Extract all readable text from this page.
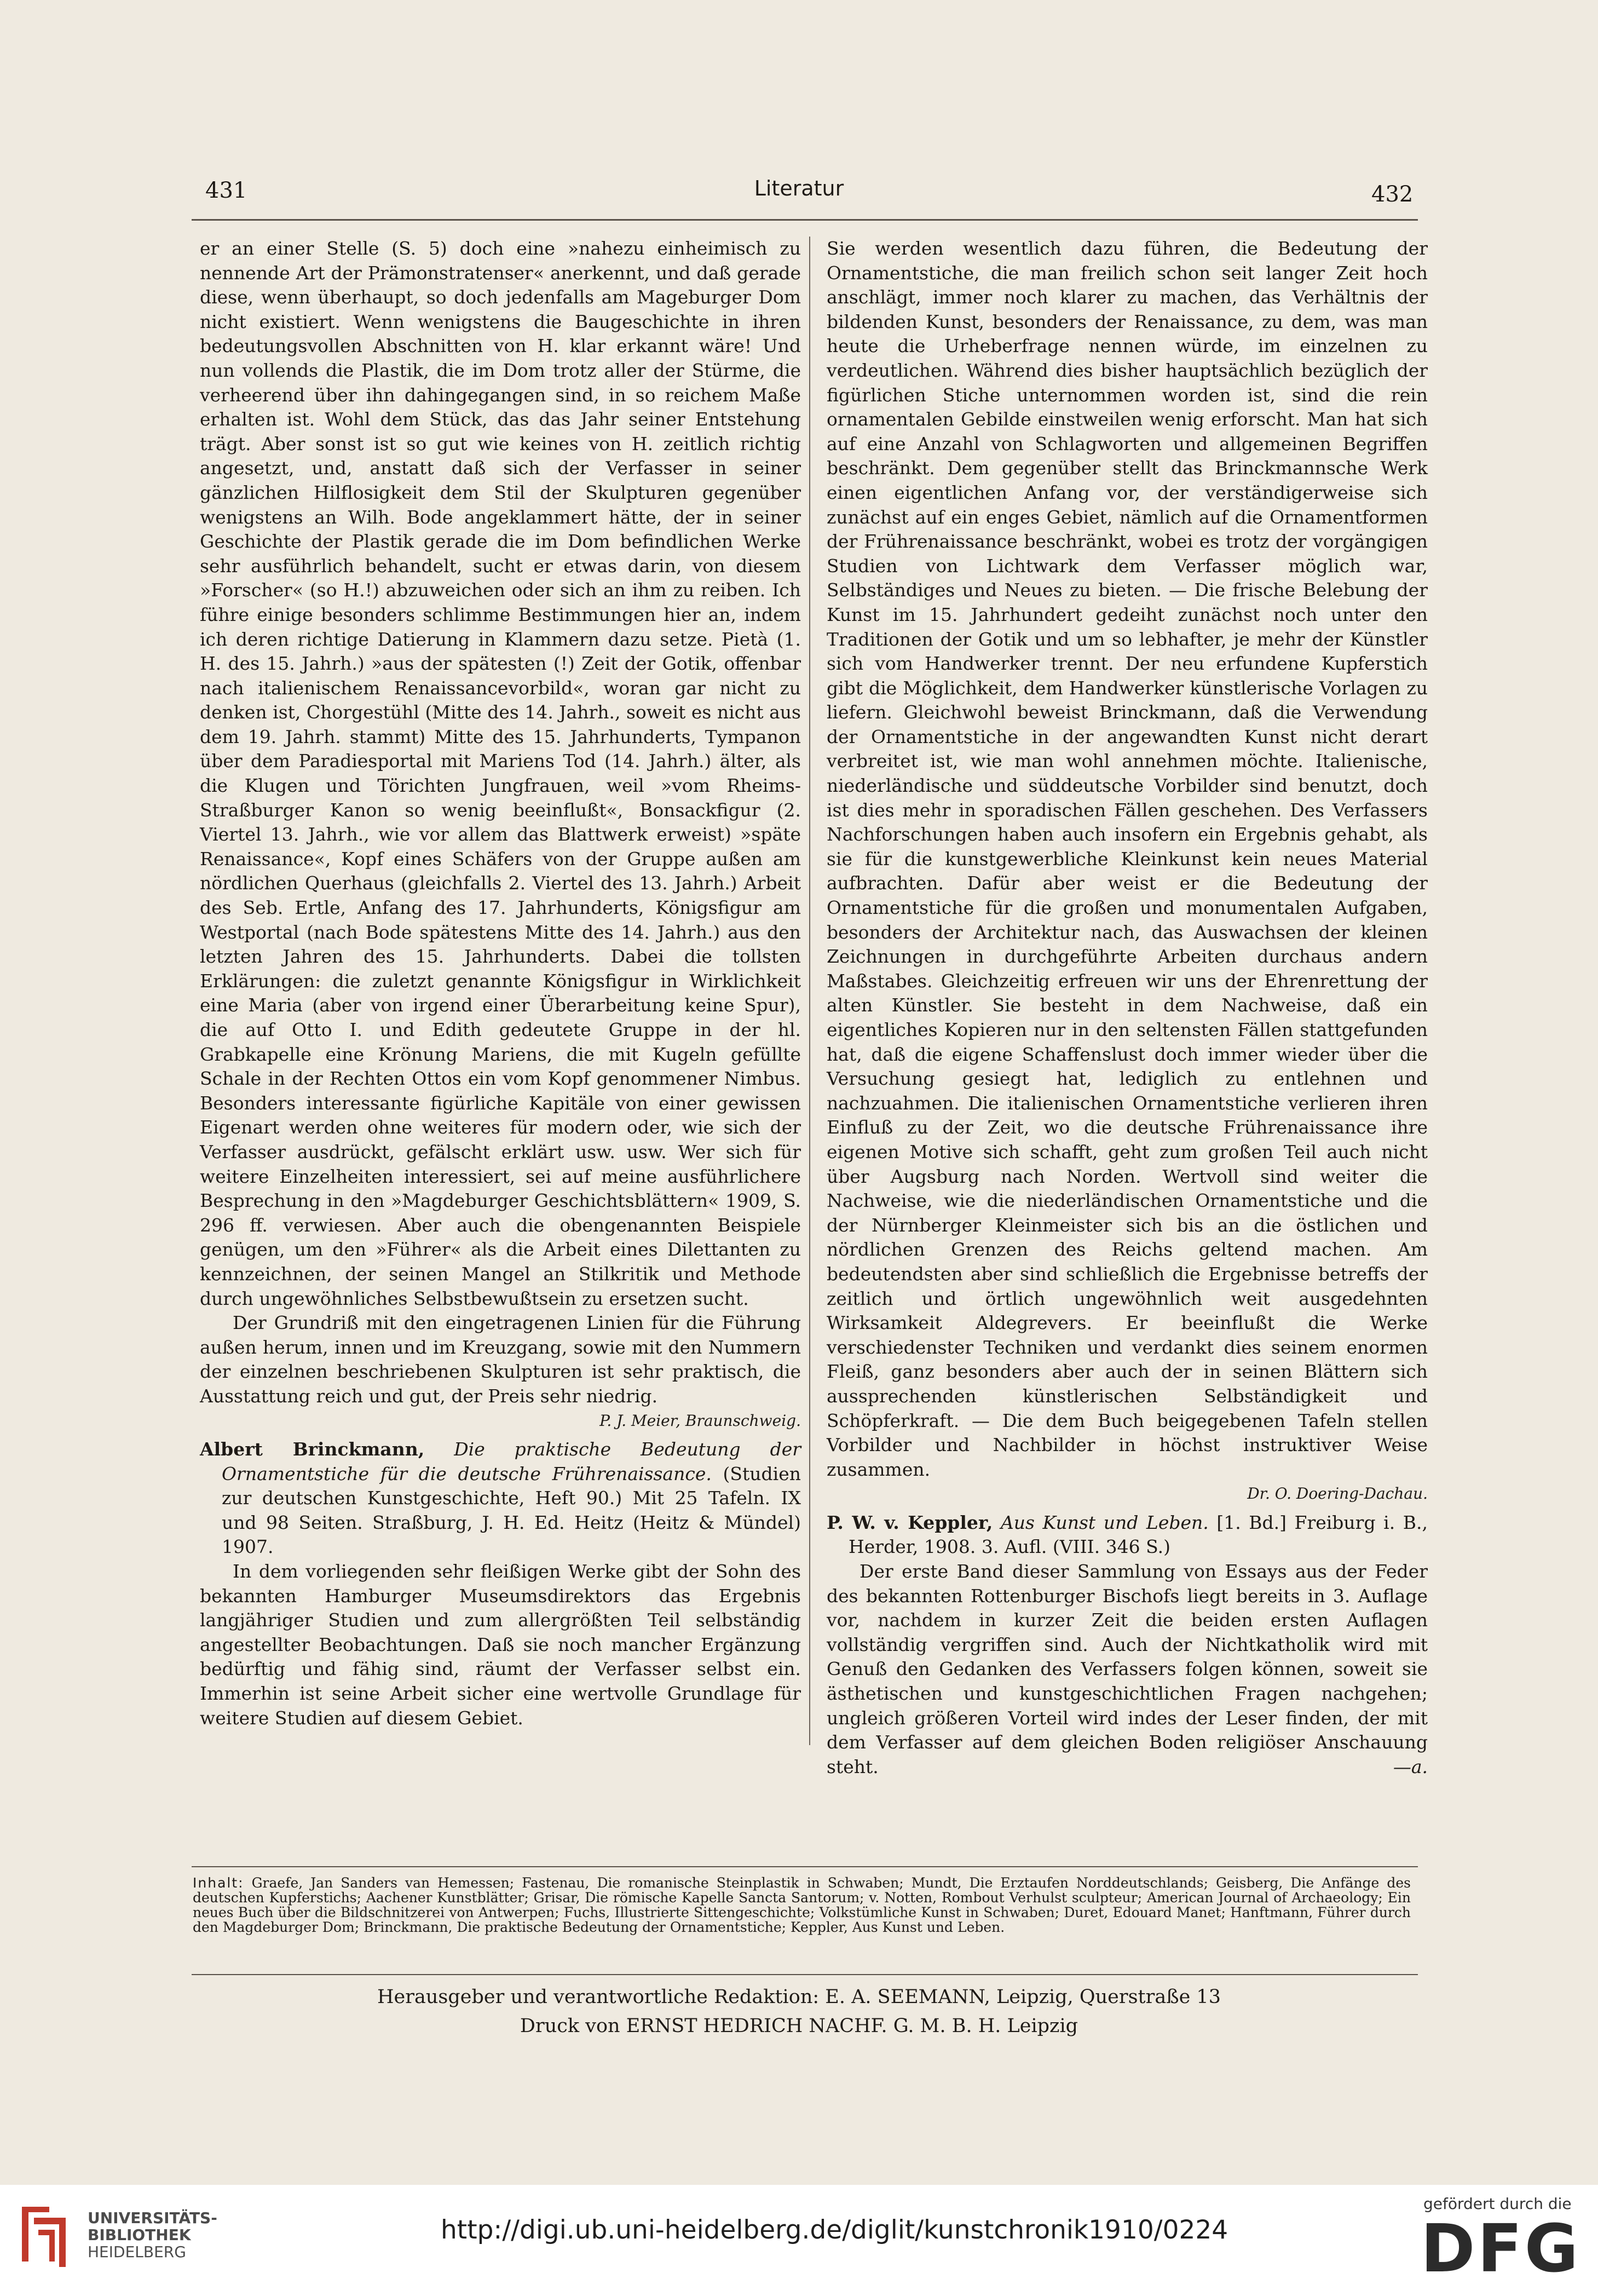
431	Literatur	432

er an einer Stelle (S. 5) doch eine »nahezu einheimisch zu nennende Art der Prämonstratenser« anerkennt, und daß gerade diese, wenn überhaupt, so doch jedenfalls am Mageburger Dom nicht existiert. Wenn wenigstens die Baugeschichte in ihren bedeutungsvollen Abschnitten von H. klar erkannt wäre! Und nun vollends die Plastik, die im Dom trotz aller der Stürme, die verheerend über ihn dahingegangen sind, in so reichem Maße erhalten ist. Wohl dem Stück, das das Jahr seiner Entstehung trägt. Aber sonst ist so gut wie keines von H. zeitlich richtig angesetzt, und, anstatt daß sich der Verfasser in seiner gänzlichen Hilflosigkeit dem Stil der Skulpturen gegenüber wenigstens an Wilh. Bode angeklammert hätte, der in seiner Geschichte der Plastik gerade die im Dom befindlichen Werke sehr ausführlich behandelt, sucht er etwas darin, von diesem »Forscher« (so H.!) abzuweichen oder sich an ihm zu reiben. Ich führe einige besonders schlimme Bestimmungen hier an, indem ich deren richtige Datierung in Klammern dazu setze. Pietà (1. H. des 15. Jahrh.) »aus der spätesten (!) Zeit der Gotik, offenbar nach italienischem Renaissancevorbild«, woran gar nicht zu denken ist, Chorgestühl (Mitte des 14. Jahrh., soweit es nicht aus dem 19. Jahrh. stammt) Mitte des 15. Jahrhunderts, Tympanon über dem Paradiesportal mit Mariens Tod (14. Jahrh.) älter, als die Klugen und Törichten Jungfrauen, weil »vom Rheims-Straßburger Kanon so wenig beeinflußt«, Bonsackfigur (2. Viertel 13. Jahrh., wie vor allem das Blattwerk erweist) »späte Renaissance«, Kopf eines Schäfers von der Gruppe außen am nördlichen Querhaus (gleichfalls 2. Viertel des 13. Jahrh.) Arbeit des Seb. Ertle, Anfang des 17. Jahrhunderts, Königsfigur am Westportal (nach Bode spätestens Mitte des 14. Jahrh.) aus den letzten Jahren des 15. Jahrhunderts. Dabei die tollsten Erklärungen: die zuletzt genannte Königsfigur in Wirklichkeit eine Maria (aber von irgend einer Überarbeitung keine Spur), die auf Otto I. und Edith gedeutete Gruppe in der hl. Grabkapelle eine Krönung Mariens, die mit Kugeln gefüllte Schale in der Rechten Ottos ein vom Kopf genommener Nimbus. Besonders interessante figürliche Kapitäle von einer gewissen Eigenart werden ohne weiteres für modern oder, wie sich der Verfasser ausdrückt, gefälscht erklärt usw. usw. Wer sich für weitere Einzelheiten interessiert, sei auf meine ausführlichere Besprechung in den »Magdeburger Geschichtsblättern« 1909, S. 296 ff. verwiesen. Aber auch die obengenannten Beispiele genügen, um den »Führer« als die Arbeit eines Dilettanten zu kennzeichnen, der seinen Mangel an Stilkritik und Methode durch ungewöhnliches Selbstbewußtsein zu ersetzen sucht.

Der Grundriß mit den eingetragenen Linien für die Führung außen herum, innen und im Kreuzgang, sowie mit den Nummern der einzelnen beschriebenen Skulpturen ist sehr praktisch, die Ausstattung reich und gut, der Preis sehr niedrig.

P. J. Meier, Braunschweig.

Albert Brinckmann, Die praktische Bedeutung der Ornamentstiche für die deutsche Frührenaissance. (Studien zur deutschen Kunstgeschichte, Heft 90.) Mit 25 Tafeln. IX und 98 Seiten. Straßburg, J. H. Ed. Heitz (Heitz & Mündel) 1907.

In dem vorliegenden sehr fleißigen Werke gibt der Sohn des bekannten Hamburger Museumsdirektors das Ergebnis langjähriger Studien und zum allergrößten Teil selbständig angestellter Beobachtungen. Daß sie noch mancher Ergänzung bedürftig und fähig sind, räumt der Verfasser selbst ein. Immerhin ist seine Arbeit sicher eine wertvolle Grundlage für weitere Studien auf diesem Gebiet.

Sie werden wesentlich dazu führen, die Bedeutung der Ornamentstiche, die man freilich schon seit langer Zeit hoch anschlägt, immer noch klarer zu machen, das Verhältnis der bildenden Kunst, besonders der Renaissance, zu dem, was man heute die Urheberfrage nennen würde, im einzelnen zu verdeutlichen. Während dies bisher hauptsächlich bezüglich der figürlichen Stiche unternommen worden ist, sind die rein ornamentalen Gebilde einstweilen wenig erforscht. Man hat sich auf eine Anzahl von Schlagworten und allgemeinen Begriffen beschränkt. Dem gegenüber stellt das Brinckmannsche Werk einen eigentlichen Anfang vor, der verständigerweise sich zunächst auf ein enges Gebiet, nämlich auf die Ornamentformen der Frührenaissance beschränkt, wobei es trotz der vorgängigen Studien von Lichtwark dem Verfasser möglich war, Selbständiges und Neues zu bieten. — Die frische Belebung der Kunst im 15. Jahrhundert gedeiht zunächst noch unter den Traditionen der Gotik und um so lebhafter, je mehr der Künstler sich vom Handwerker trennt. Der neu erfundene Kupferstich gibt die Möglichkeit, dem Handwerker künstlerische Vorlagen zu liefern. Gleichwohl beweist Brinckmann, daß die Verwendung der Ornamentstiche in der angewandten Kunst nicht derart verbreitet ist, wie man wohl annehmen möchte. Italienische, niederländische und süddeutsche Vorbilder sind benutzt, doch ist dies mehr in sporadischen Fällen geschehen. Des Verfassers Nachforschungen haben auch insofern ein Ergebnis gehabt, als sie für die kunstgewerbliche Kleinkunst kein neues Material aufbrachten. Dafür aber weist er die Bedeutung der Ornamentstiche für die großen und monumentalen Aufgaben, besonders der Architektur nach, das Auswachsen der kleinen Zeichnungen in durchgeführte Arbeiten durchaus andern Maßstabes. Gleichzeitig erfreuen wir uns der Ehrenrettung der alten Künstler. Sie besteht in dem Nachweise, daß ein eigentliches Kopieren nur in den seltensten Fällen stattgefunden hat, daß die eigene Schaffenslust doch immer wieder über die Versuchung gesiegt hat, lediglich zu entlehnen und nachzuahmen. Die italienischen Ornamentstiche verlieren ihren Einfluß zu der Zeit, wo die deutsche Frührenaissance ihre eigenen Motive sich schafft, geht zum großen Teil auch nicht über Augsburg nach Norden. Wertvoll sind weiter die Nachweise, wie die niederländischen Ornamentstiche und die der Nürnberger Kleinmeister sich bis an die östlichen und nördlichen Grenzen des Reichs geltend machen. Am bedeutendsten aber sind schließlich die Ergebnisse betreffs der zeitlich und örtlich ungewöhnlich weit ausgedehnten Wirksamkeit Aldegrevers. Er beeinflußt die Werke verschiedenster Techniken und verdankt dies seinem enormen Fleiß, ganz besonders aber auch der in seinen Blättern sich aussprechenden künstlerischen Selbständigkeit und Schöpferkraft. — Die dem Buch beigegebenen Tafeln stellen Vorbilder und Nachbilder in höchst instruktiver Weise zusammen.

Dr. O. Doering-Dachau.

P. W. v. Keppler, Aus Kunst und Leben. [1. Bd.] Freiburg i. B., Herder, 1908. 3. Aufl. (VIII. 346 S.)

Der erste Band dieser Sammlung von Essays aus der Feder des bekannten Rottenburger Bischofs liegt bereits in 3. Auflage vor, nachdem in kurzer Zeit die beiden ersten Auflagen vollständig vergriffen sind. Auch der Nichtkatholik wird mit Genuß den Gedanken des Verfassers folgen können, soweit sie ästhetischen und kunstgeschichtlichen Fragen nachgehen; ungleich größeren Vorteil wird indes der Leser finden, der mit dem Verfasser auf dem gleichen Boden religiöser Anschauung steht.	—a.

Inhalt: Graefe, Jan Sanders van Hemessen; Fastenau, Die romanische Steinplastik in Schwaben; Mundt, Die Erztaufen Norddeutschlands; Geisberg, Die Anfänge des deutschen Kupferstichs; Aachener Kunstblätter; Grisar, Die römische Kapelle Sancta Santorum; v. Notten, Rombout Verhulst sculpteur; American Journal of Archaeology; Ein neues Buch über die Bildschnitzerei von Antwerpen; Fuchs, Illustrierte Sittengeschichte; Volkstümliche Kunst in Schwaben; Duret, Edouard Manet; Hanftmann, Führer durch den Magdeburger Dom; Brinckmann, Die praktische Bedeutung der Ornamentstiche; Keppler, Aus Kunst und Leben.
Herausgeber und verantwortliche Redaktion: E. A. SEEMANN, Leipzig, Querstraße 13
Druck von ERNST HEDRICH NACHF. G. M. B. H. Leipzig
UNIVERSITÄTS-
BIBLIOTHEK
HEIDELBERG
http://digi.ub.uni-heidelberg.de/diglit/kunstchronik1910/0224
gefördert durch die
DFG
